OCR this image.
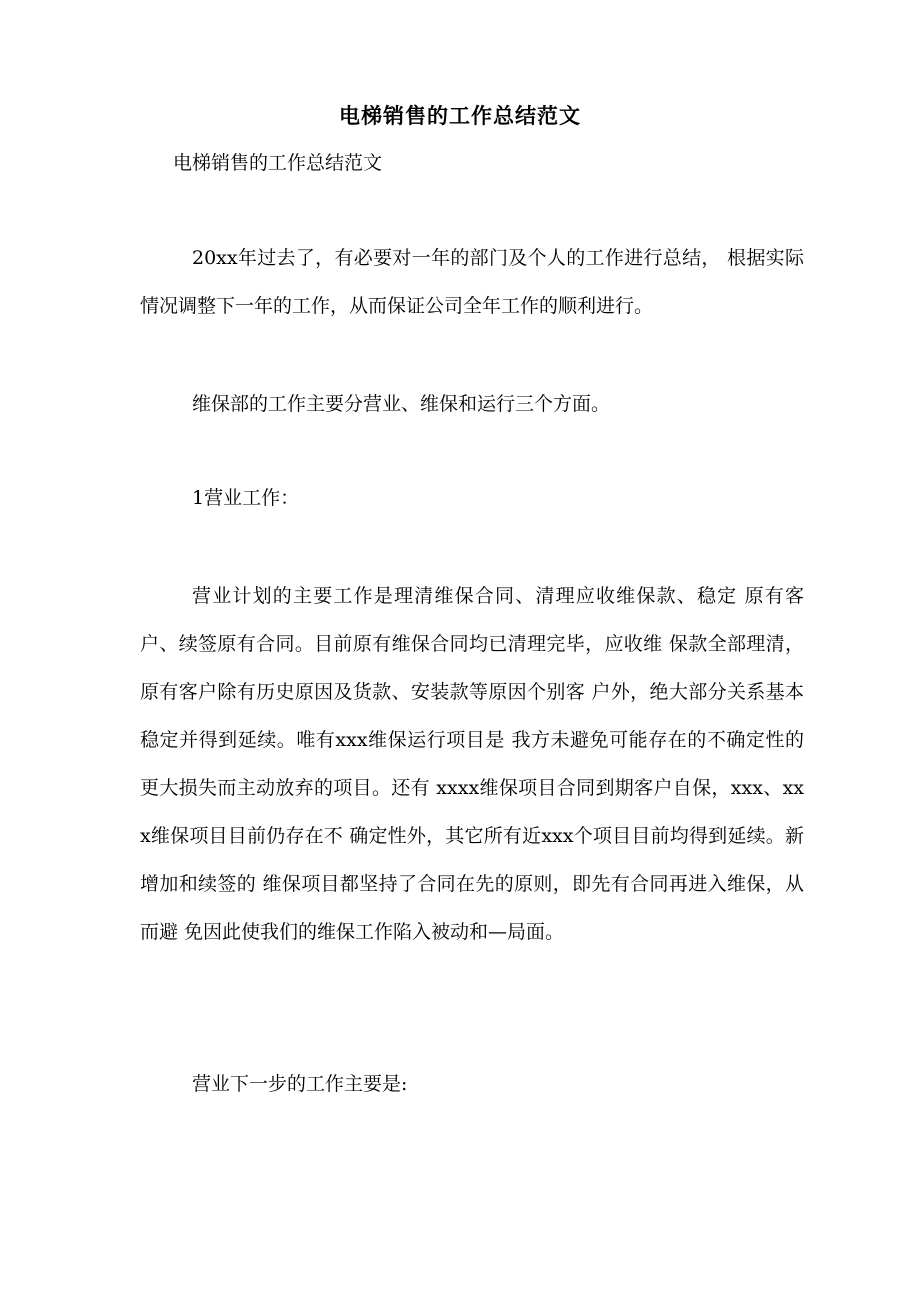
电梯销售的工作总结范文
电梯销售的工作总结范文

20xx年过去了，有必要对一年的部门及个人的工作进行总结， 根据实际情况调整下一年的工作，从而保证公司全年工作的顺利进行。

维保部的工作主要分营业、维保和运行三个方面。

1营业工作：

营业计划的主要工作是理清维保合同、清理应收维保款、稳定 原有客户、续签原有合同。目前原有维保合同均已清理完毕，应收维 保款全部理清，原有客户除有历史原因及货款、安装款等原因个别客 户外，绝大部分关系基本稳定并得到延续。唯有xxx维保运行项目是 我方未避免可能存在的不确定性的更大损失而主动放弃的项目。还有 xxxx维保项目合同到期客户自保，xxx、xxx维保项目目前仍存在不 确定性外，其它所有近xxx个项目目前均得到延续。新增加和续签的 维保项目都坚持了合同在先的原则，即先有合同再进入维保，从而避 免因此使我们的维保工作陷入被动和—局面。

营业下一步的工作主要是:
